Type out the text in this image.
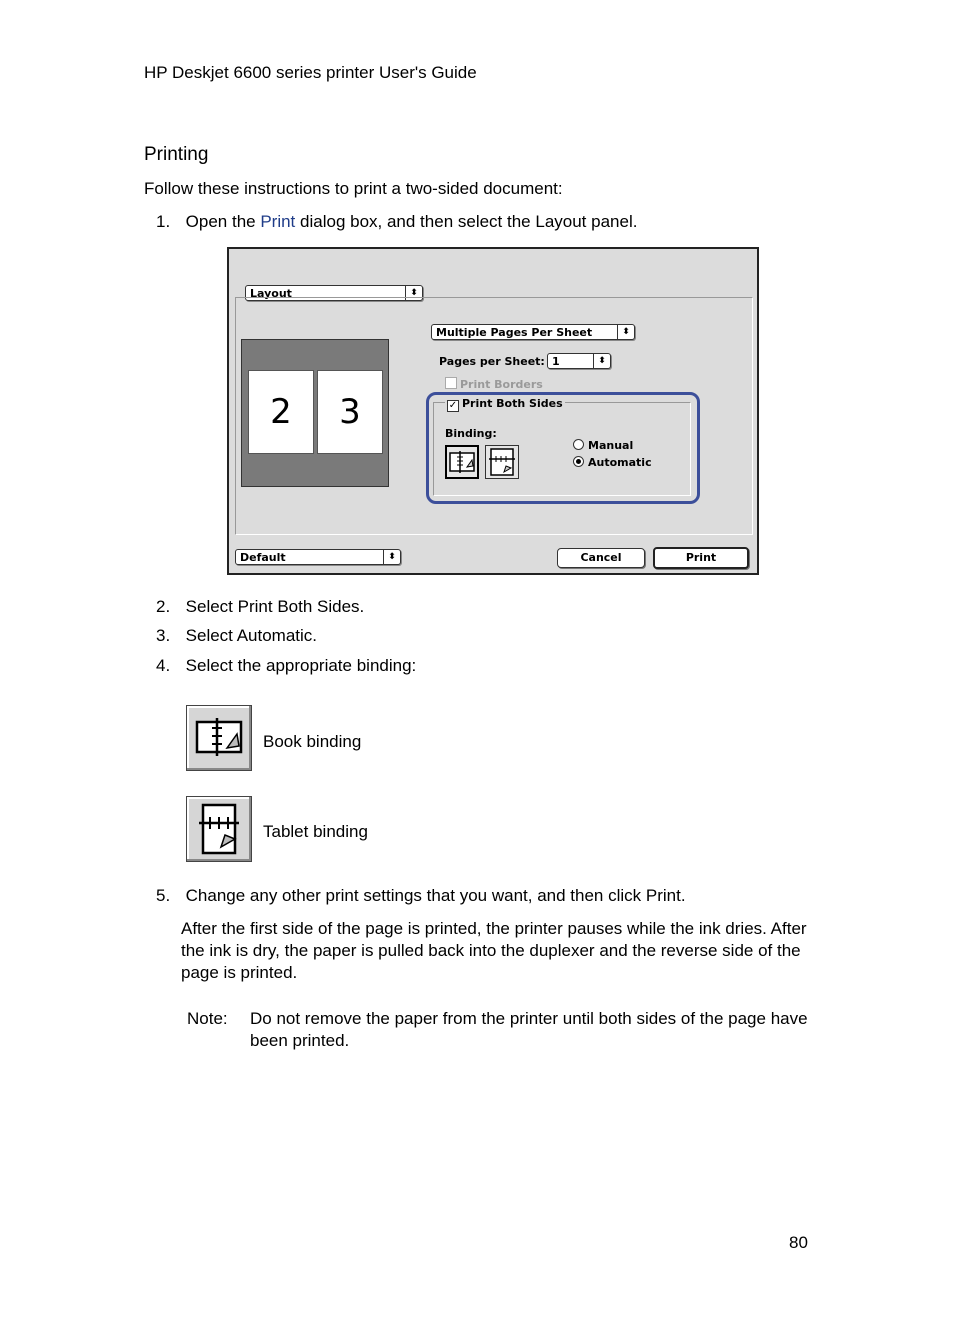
HP Deskjet 6600 series printer User's Guide
Printing
Follow these instructions to print a two-sided document:
1. Open the Print dialog box, and then select the Layout panel.
Layout	⬍
2	3
Multiple Pages Per Sheet	⬍
Pages per Sheet: 1	⬍
Print Borders
✓ Print Both Sides
Binding:
Manual
Automatic
Default	⬍	Cancel	Print
2. Select Print Both Sides.
3. Select Automatic.
4. Select the appropriate binding:
Book binding
Tablet binding
5. Change any other print settings that you want, and then click Print.
After the first side of the page is printed, the printer pauses while the ink dries. After the ink is dry, the paper is pulled back into the duplexer and the reverse side of the page is printed.
Note: Do not remove the paper from the printer until both sides of the page have been printed.
80
